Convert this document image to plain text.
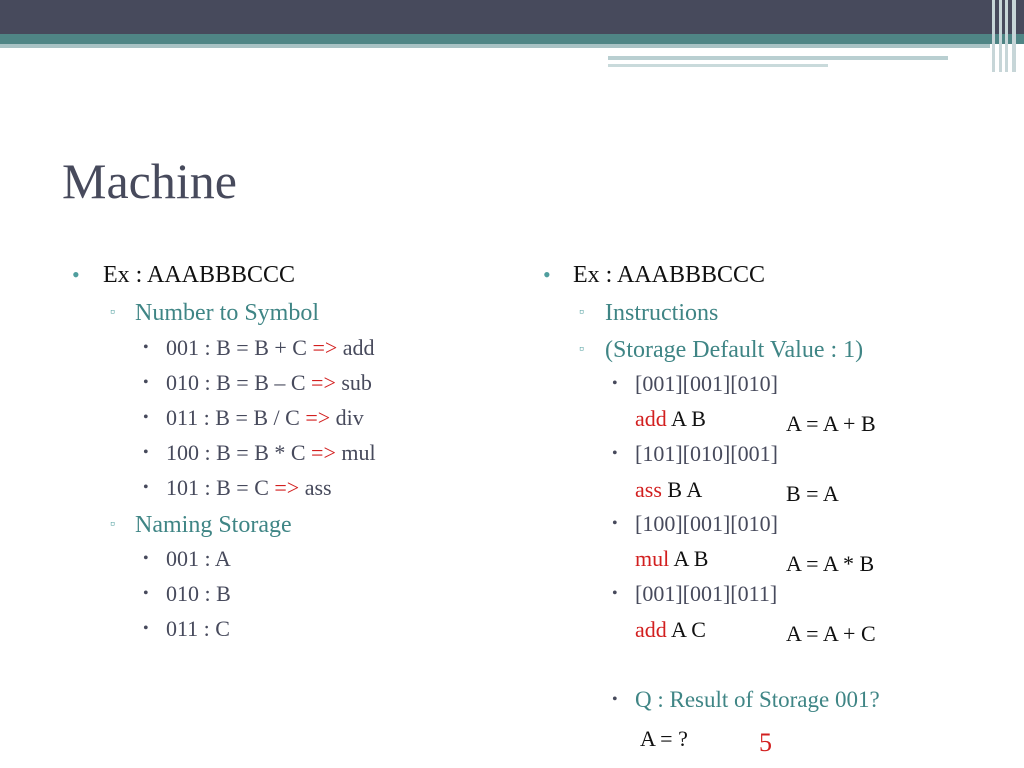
Machine
• Ex : AAABBBCCC
▫ Number to Symbol
• 001 : B = B + C => add
• 010 : B = B – C => sub
• 011 : B = B / C => div
• 100 : B = B * C => mul
• 101 : B = C => ass
▫ Naming Storage
• 001 : A
• 010 : B
• 011 : C
• Ex : AAABBBCCC
▫ Instructions
▫ (Storage Default Value : 1)
• [001][001][010]
add A B	A = A + B
• [101][010][001]
ass B A	B = A
• [100][001][010]
mul A B	A = A * B
• [001][001][011]
add A C	A = A + C
• Q : Result of Storage 001?
A = ?	5
